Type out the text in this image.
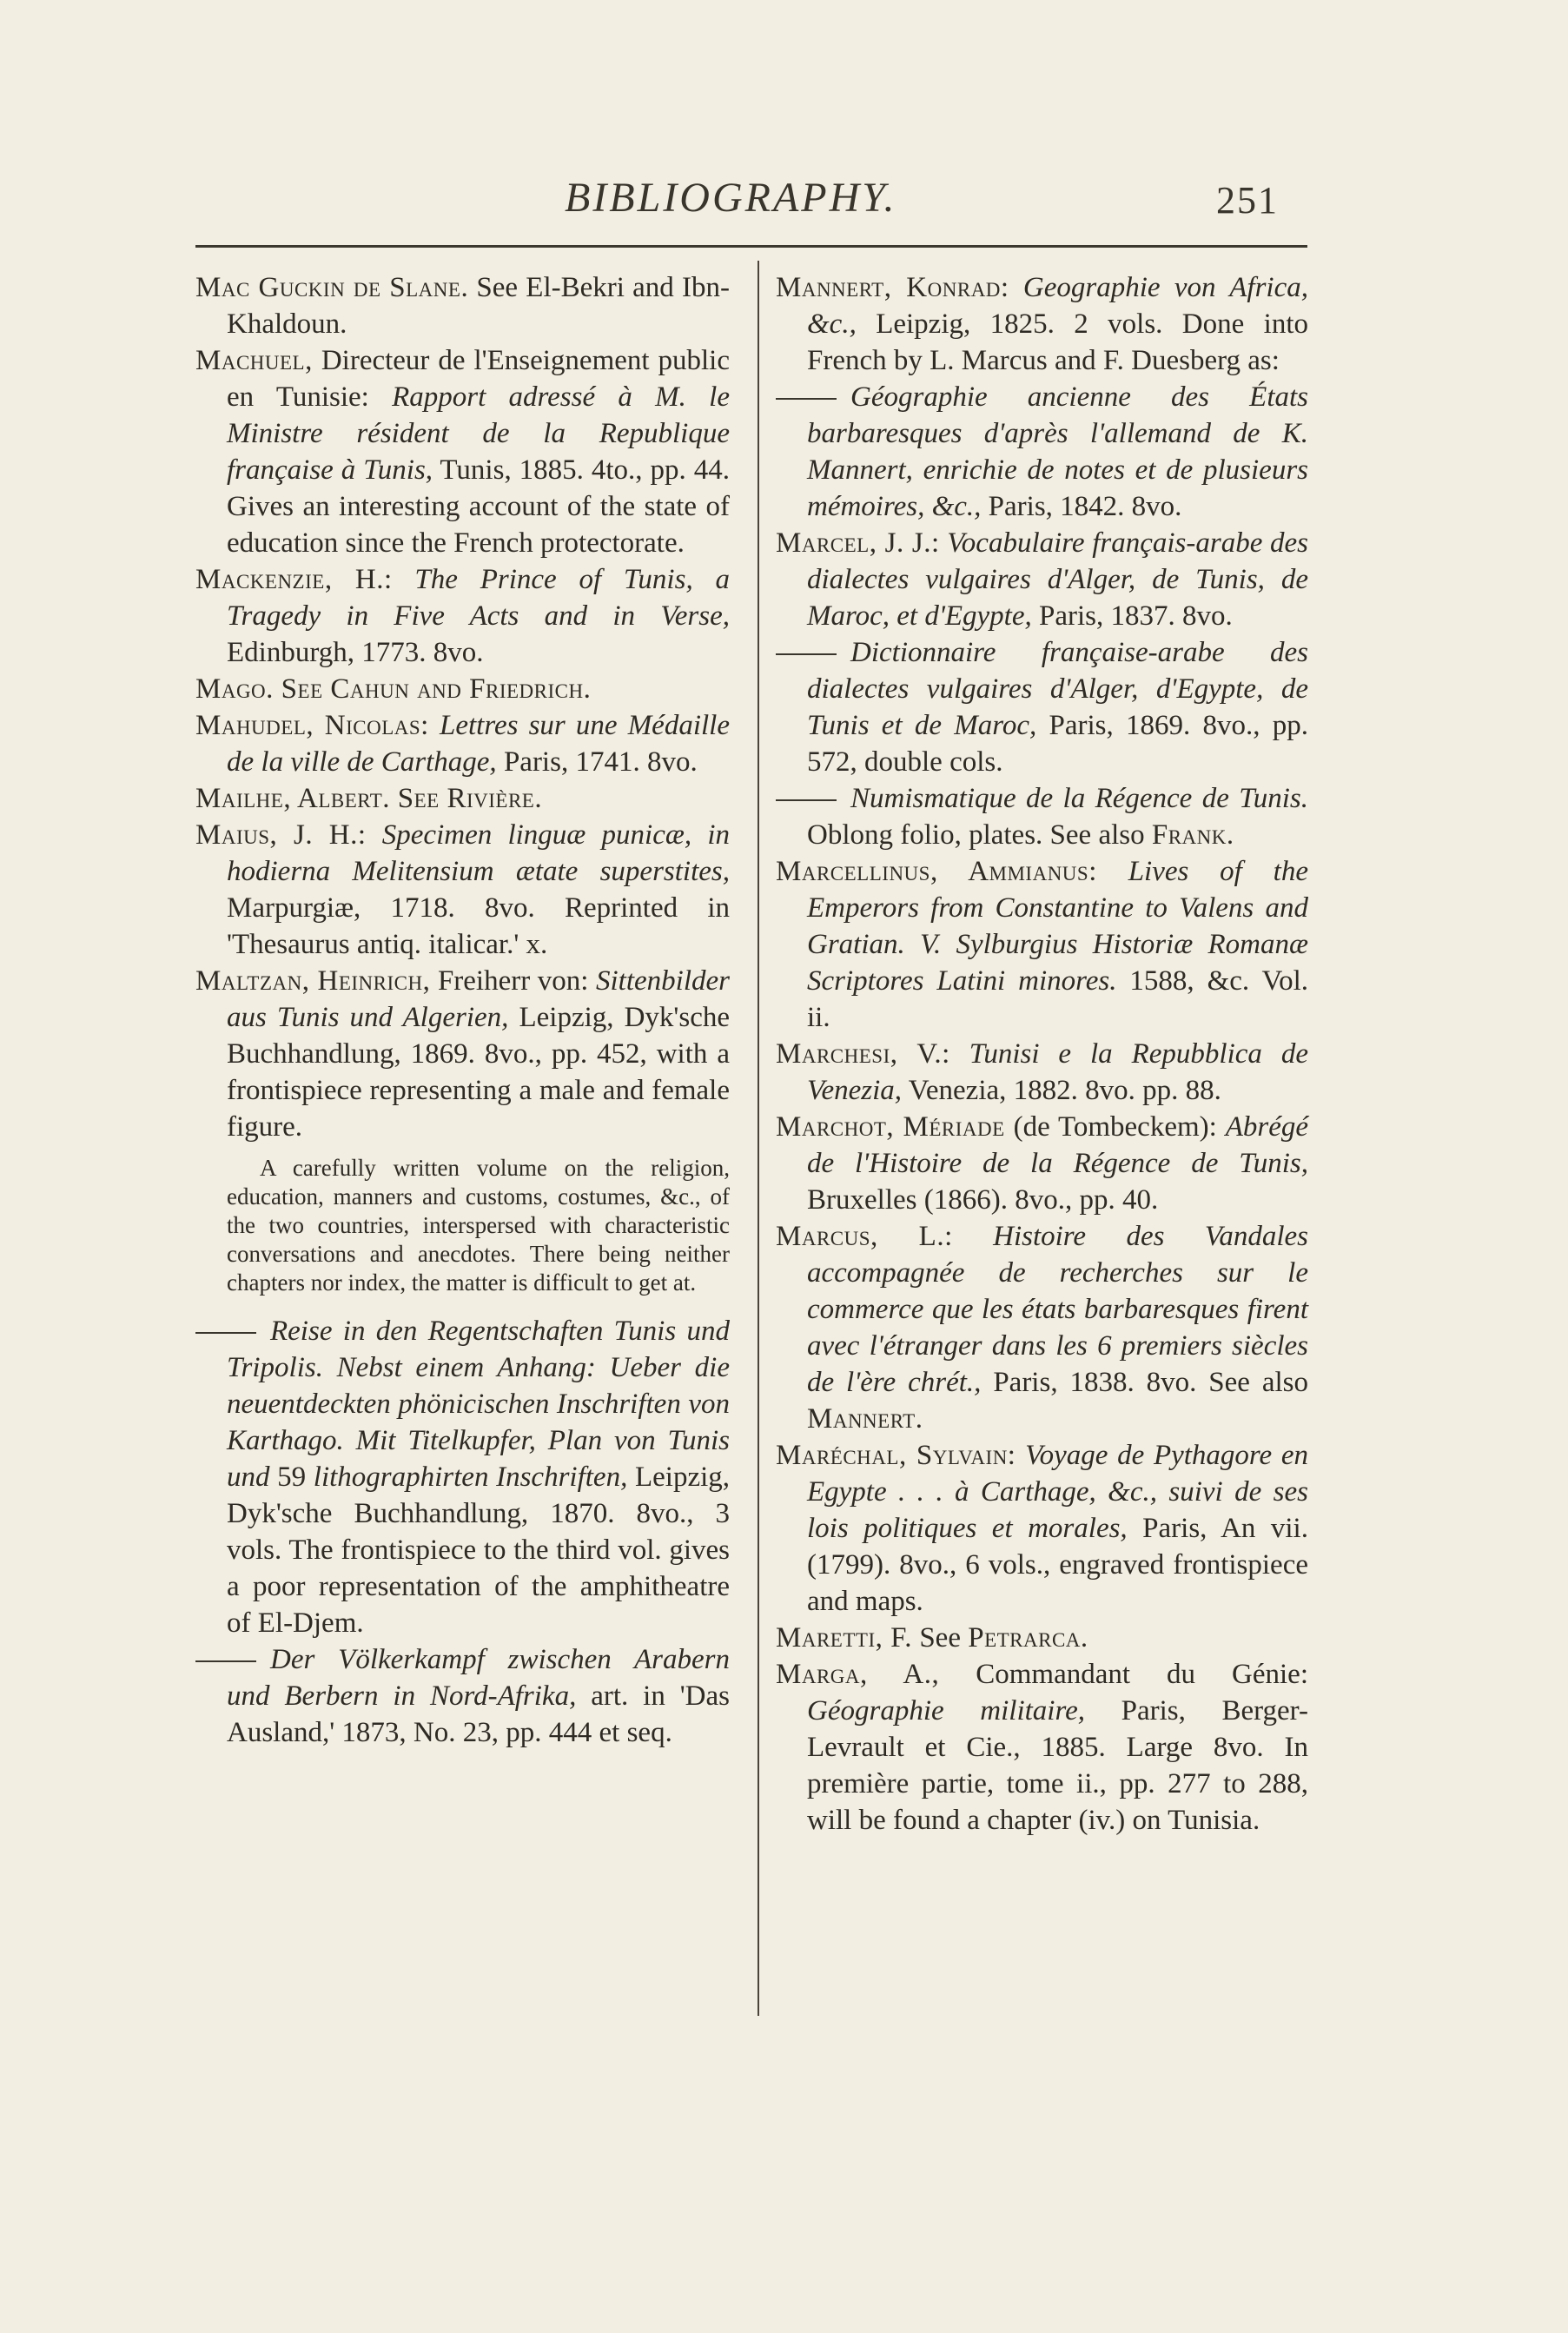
BIBLIOGRAPHY.	251

Mac Guckin de Slane. See El-Bekri and Ibn-Khaldoun.

Machuel, Directeur de l'Enseignement public en Tunisie: Rapport adressé à M. le Ministre résident de la Republique française à Tunis, Tunis, 1885. 4to., pp. 44. Gives an interesting account of the state of education since the French protectorate.

Mackenzie, H.: The Prince of Tunis, a Tragedy in Five Acts and in Verse, Edinburgh, 1773. 8vo.

Mago. See Cahun and Friedrich.

Mahudel, Nicolas: Lettres sur une Médaille de la ville de Carthage, Paris, 1741. 8vo.

Mailhe, Albert. See Rivière.

Maius, J. H.: Specimen linguæ punicæ, in hodierna Melitensium ætate superstites, Marpurgiæ, 1718. 8vo. Reprinted in 'Thesaurus antiq. italicar.' x.

Maltzan, Heinrich, Freiherr von: Sittenbilder aus Tunis und Algerien, Leipzig, Dyk'sche Buchhandlung, 1869. 8vo., pp. 452, with a frontispiece representing a male and female figure.

A carefully written volume on the religion, education, manners and customs, costumes, &c., of the two countries, interspersed with characteristic conversations and anecdotes. There being neither chapters nor index, the matter is difficult to get at.

Reise in den Regentschaften Tunis und Tripolis. Nebst einem Anhang: Ueber die neuentdeckten phönicischen Inschriften von Karthago. Mit Titelkupfer, Plan von Tunis und 59 lithographirten Inschriften, Leipzig, Dyk'sche Buchhandlung, 1870. 8vo., 3 vols. The frontispiece to the third vol. gives a poor representation of the amphitheatre of El-Djem.

Der Völkerkampf zwischen Arabern und Berbern in Nord-Afrika, art. in 'Das Ausland,' 1873, No. 23, pp. 444 et seq.

Mannert, Konrad: Geographie von Africa, &c., Leipzig, 1825. 2 vols. Done into French by L. Marcus and F. Duesberg as:

Géographie ancienne des États barbaresques d'après l'allemand de K. Mannert, enrichie de notes et de plusieurs mémoires, &c., Paris, 1842. 8vo.

Marcel, J. J.: Vocabulaire français-arabe des dialectes vulgaires d'Alger, de Tunis, de Maroc, et d'Egypte, Paris, 1837. 8vo.

Dictionnaire française-arabe des dialectes vulgaires d'Alger, d'Egypte, de Tunis et de Maroc, Paris, 1869. 8vo., pp. 572, double cols.

Numismatique de la Régence de Tunis. Oblong folio, plates. See also Frank.

Marcellinus, Ammianus: Lives of the Emperors from Constantine to Valens and Gratian. V. Sylburgius Historiæ Romanæ Scriptores Latini minores. 1588, &c. Vol. ii.

Marchesi, V.: Tunisi e la Repubblica de Venezia, Venezia, 1882. 8vo. pp. 88.

Marchot, Mériade (de Tombeckem): Abrégé de l'Histoire de la Régence de Tunis, Bruxelles (1866). 8vo., pp. 40.

Marcus, L.: Histoire des Vandales accompagnée de recherches sur le commerce que les états barbaresques firent avec l'étranger dans les 6 premiers siècles de l'ère chrét., Paris, 1838. 8vo. See also Mannert.

Maréchal, Sylvain: Voyage de Pythagore en Egypte . . . à Carthage, &c., suivi de ses lois politiques et morales, Paris, An vii. (1799). 8vo., 6 vols., engraved frontispiece and maps.

Maretti, F. See Petrarca.

Marga, A., Commandant du Génie: Géographie militaire, Paris, Berger-Levrault et Cie., 1885. Large 8vo. In première partie, tome ii., pp. 277 to 288, will be found a chapter (iv.) on Tunisia.
